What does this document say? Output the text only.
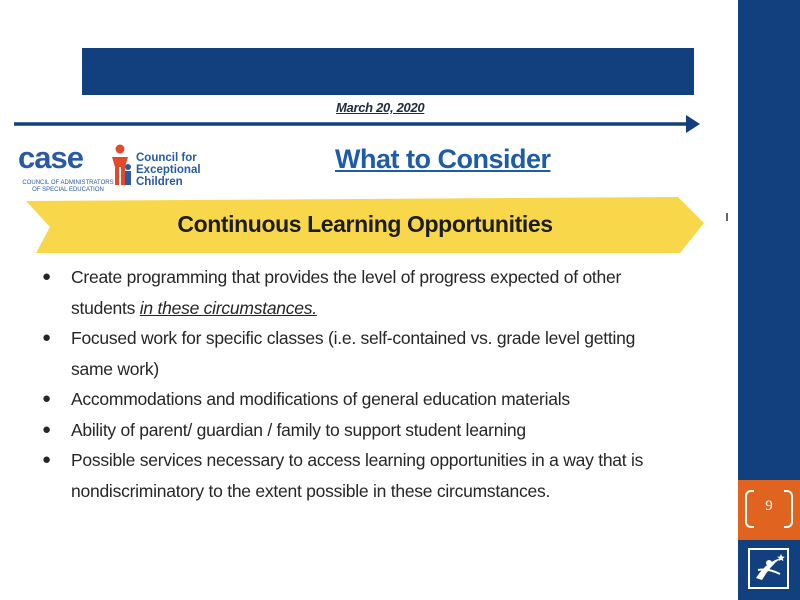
9
March 20, 2020
case
COUNCIL OF ADMINISTRATORS OF SPECIAL EDUCATION
Council for
Exceptional
Children
What to Consider
Continuous Learning Opportunities
● Create programming that provides the level of progress expected of other students in these circumstances.
● Focused work for specific classes (i.e. self-contained vs. grade level getting same work)
● Accommodations and modifications of general education materials
● Ability of parent/ guardian / family to support student learning
● Possible services necessary to access learning opportunities in a way that is nondiscriminatory to the extent possible in these circumstances.
